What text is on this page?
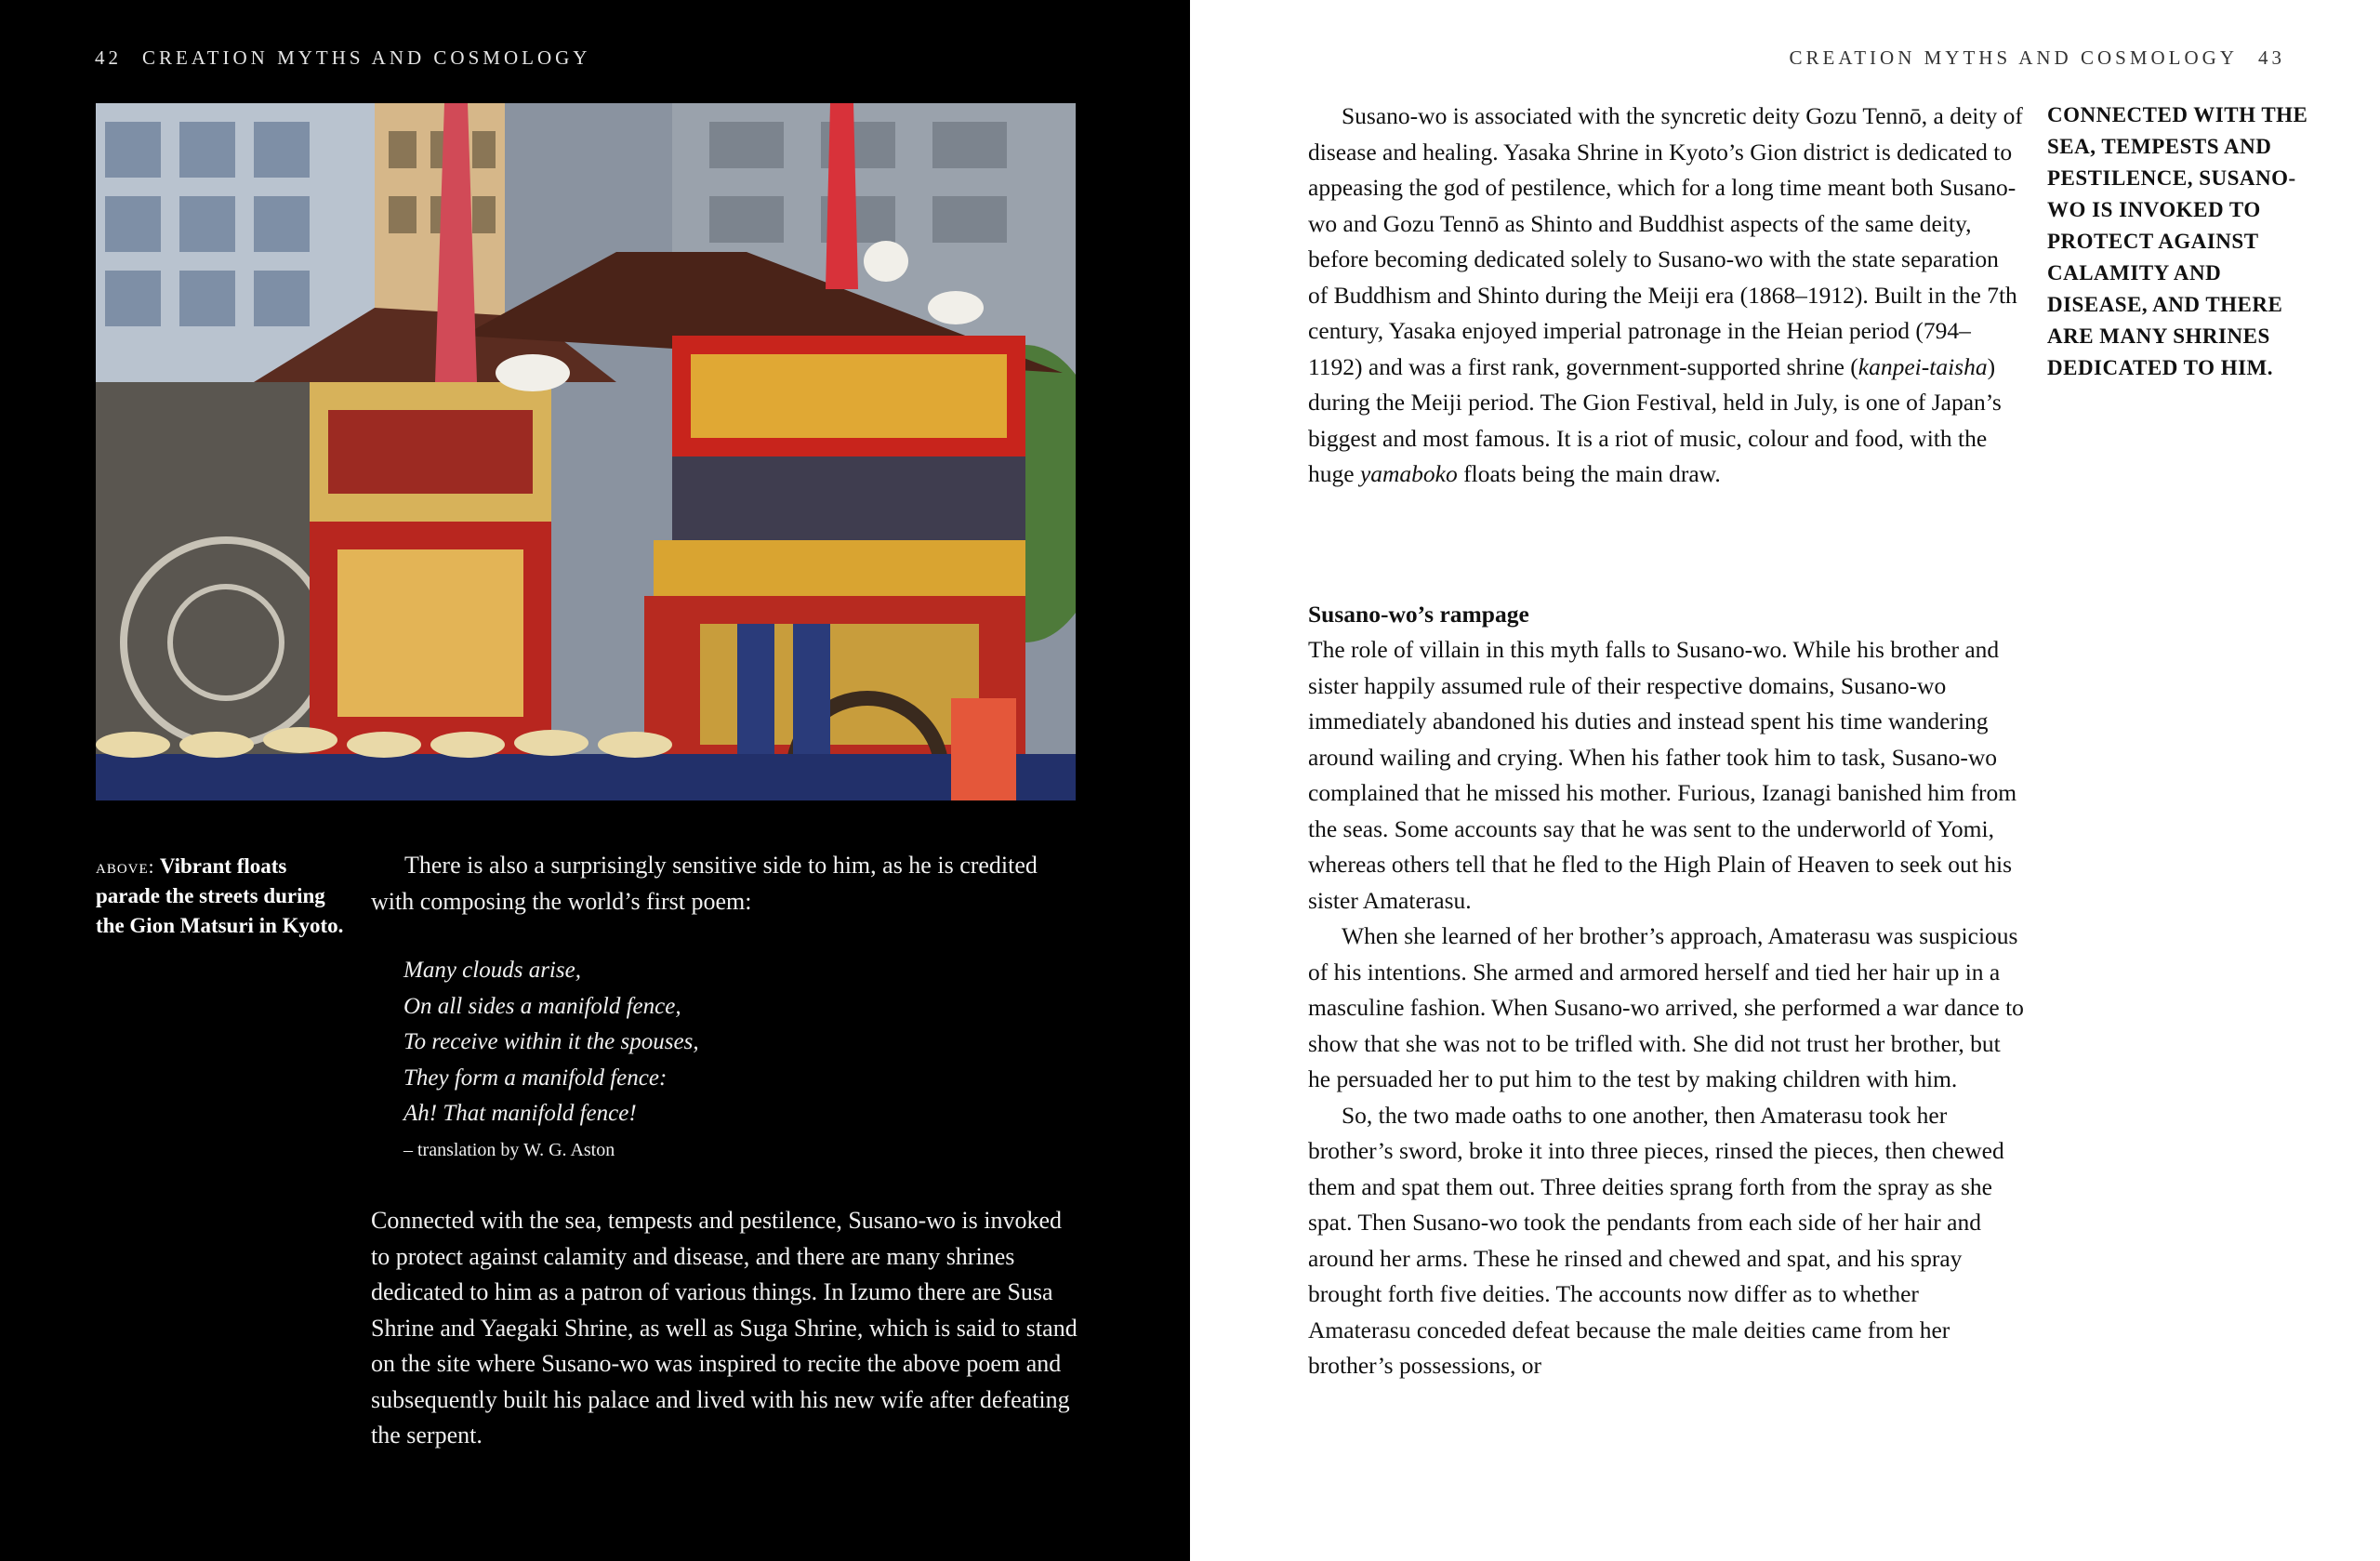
42 CREATION MYTHS AND COSMOLOGY
above: Vibrant floats parade the streets during the Gion Matsuri in Kyoto.

There is also a surprisingly sensitive side to him, as he is credited with composing the world’s first poem:

Many clouds arise,
On all sides a manifold fence,
To receive within it the spouses,
They form a manifold fence:
Ah! That manifold fence!
– translation by W. G. Aston

Connected with the sea, tempests and pestilence, Susano-wo is invoked to protect against calamity and disease, and there are many shrines dedicated to him as a patron of various things. In Izumo there are Susa Shrine and Yaegaki Shrine, as well as Suga Shrine, which is said to stand on the site where Susano-wo was inspired to recite the above poem and subsequently built his palace and lived with his new wife after defeating the serpent.

CREATION MYTHS AND COSMOLOGY 43

Susano-wo is associated with the syncretic deity Gozu Tennō, a deity of disease and healing. Yasaka Shrine in Kyoto’s Gion district is dedicated to appeasing the god of pestilence, which for a long time meant both Susano-wo and Gozu Tennō as Shinto and Buddhist aspects of the same deity, before becoming dedicated solely to Susano-wo with the state separation of Buddhism and Shinto during the Meiji era (1868–1912). Built in the 7th century, Yasaka enjoyed imperial patronage in the Heian period (794–1192) and was a first rank, government-supported shrine (kanpei-taisha) during the Meiji period. The Gion Festival, held in July, is one of Japan’s biggest and most famous. It is a riot of music, colour and food, with the huge yamaboko floats being the main draw.

Susano-wo’s rampage

The role of villain in this myth falls to Susano-wo. While his brother and sister happily assumed rule of their respective domains, Susano-wo immediately abandoned his duties and instead spent his time wandering around wailing and crying. When his father took him to task, Susano-wo complained that he missed his mother. Furious, Izanagi banished him from the seas. Some accounts say that he was sent to the underworld of Yomi, whereas others tell that he fled to the High Plain of Heaven to seek out his sister Amaterasu.

When she learned of her brother’s approach, Amaterasu was suspicious of his intentions. She armed and armored herself and tied her hair up in a masculine fashion. When Susano-wo arrived, she performed a war dance to show that she was not to be trifled with. She did not trust her brother, but he persuaded her to put him to the test by making children with him.

So, the two made oaths to one another, then Amaterasu took her brother’s sword, broke it into three pieces, rinsed the pieces, then chewed them and spat them out. Three deities sprang forth from the spray as she spat. Then Susano-wo took the pendants from each side of her hair and around her arms. These he rinsed and chewed and spat, and his spray brought forth five deities. The accounts now differ as to whether Amaterasu conceded defeat because the male deities came from her brother’s possessions, or

CONNECTED WITH THE SEA, TEMPESTS AND PESTILENCE, SUSANO-WO IS INVOKED TO PROTECT AGAINST CALAMITY AND DISEASE, AND THERE ARE MANY SHRINES DEDICATED TO HIM.
